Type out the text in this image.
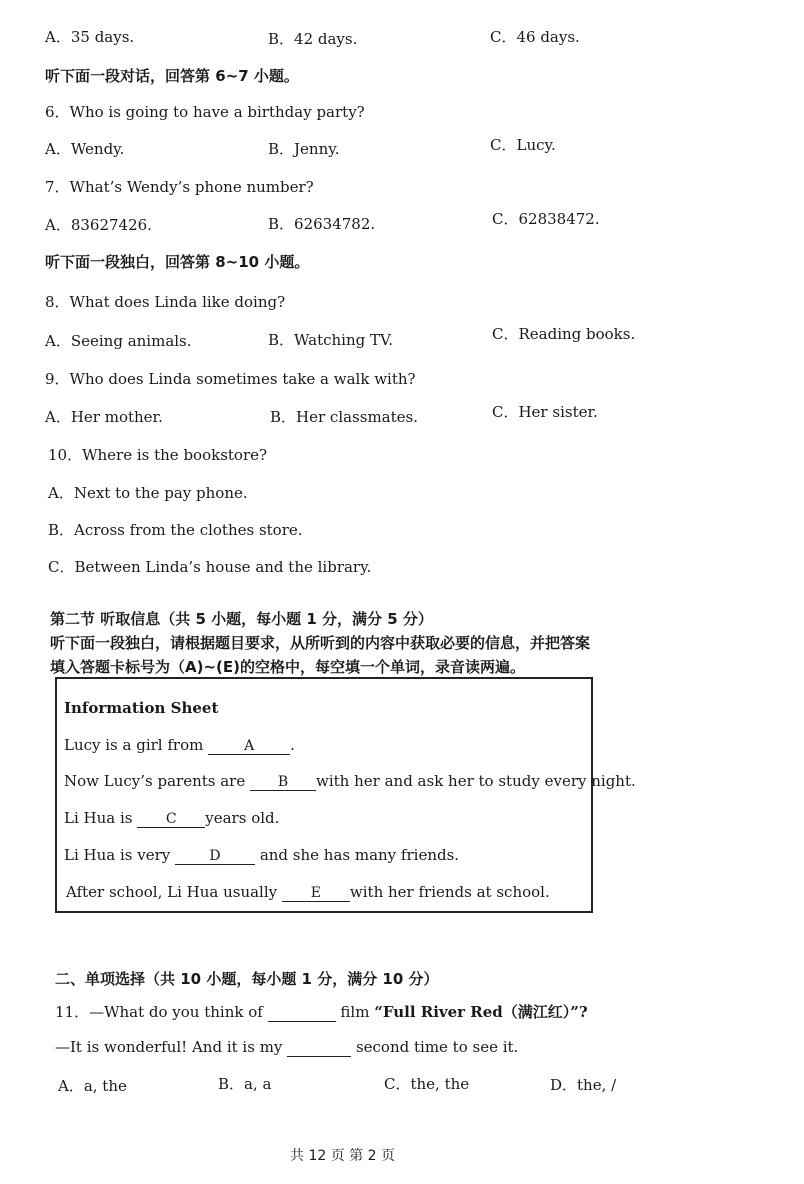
A．35 days.	B．42 days.	C．46 days.
听下面一段对话，回答第 6~7 小题。
6．Who is going to have a birthday party?
A．Wendy.	B．Jenny.	C．Lucy.
7．What’s Wendy’s phone number?
A．83627426.	B．62634782.	C．62838472.
听下面一段独白，回答第 8~10 小题。
8．What does Linda like doing?
A．Seeing animals.	B．Watching TV.	C．Reading books.
9．Who does Linda sometimes take a walk with?
A．Her mother.	B．Her classmates.	C．Her sister.
10．Where is the bookstore?
A．Next to the pay phone.
B．Across from the clothes store.
C．Between Linda’s house and the library.
第二节 听取信息（共 5 小题，每小题 1 分，满分 5 分）
听下面一段独白，请根据题目要求，从所听到的内容中获取必要的信息，并把答案
填入答题卡标号为（A)~(E)的空格中，每空填一个单词，录音读两遍。
Information Sheet
Lucy is a girl from	A .
Now Lucy’s parents are B with her and ask her to study every night.
Li Hua is C years old.
Li Hua is very	D	and she has many friends.
After school, Li Hua usually E with her friends at school.
二、单项选择（共 10 小题，每小题 1 分，满分 10 分）
11．—What do you think of	film “Full River Red（满江红）”?
—It is wonderful! And it is my	second time to see it.
A．a, the	B．a, a	C．the, the	D．the, /
共 12 页 第 2 页
